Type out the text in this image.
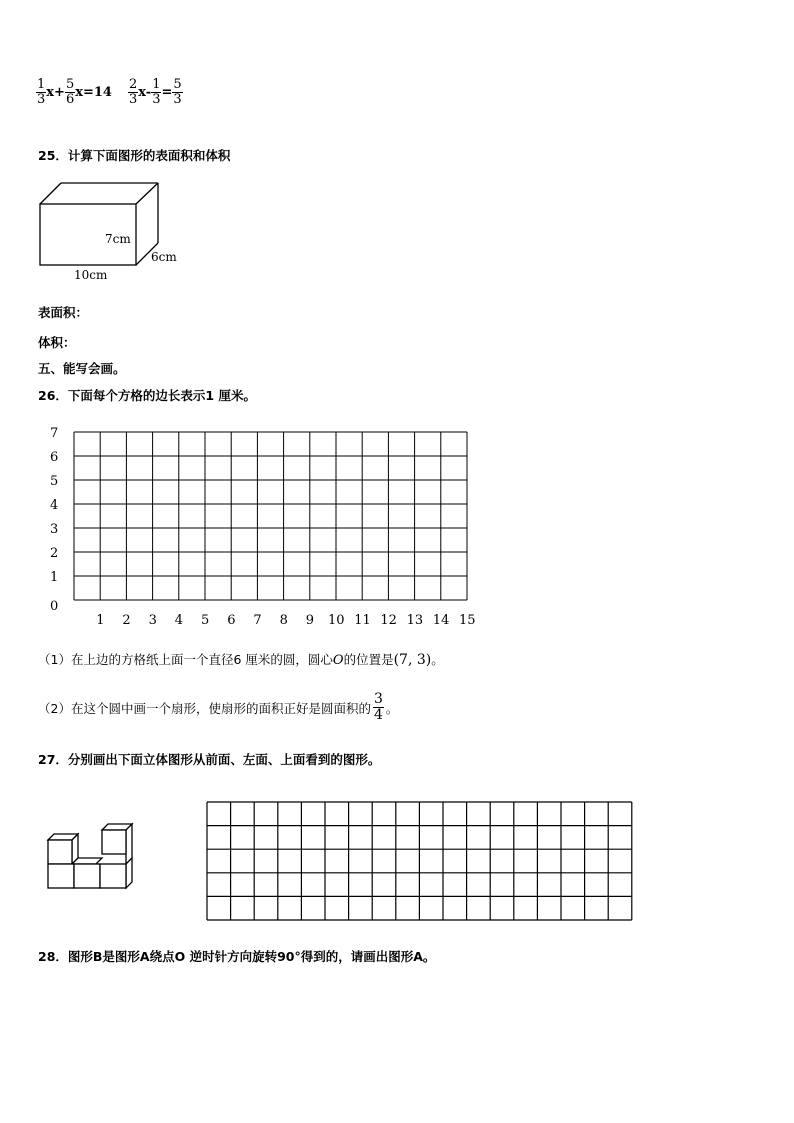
$\frac{1}{3} x+ \frac{5}{6} x=14 \frac{2}{3} x- \frac{1}{3} = \frac{5}{3}$
25．计算下面图形的表面积和体积
7cm
6cm
10cm
表面积：
体积：
五、能写会画。
26．下面每个方格的边长表示1 厘米。
0
1
2
3
4
5
6
7
1 2 3 4 5 6 7 8 9 10 11 12 13 14 15
（1）在上边的方格纸上面一个直径6 厘米的圆，圆心O的位置是(7, 3)。
（2）在这个圆中画一个扇形，使扇形的面积正好是圆面积的 $\frac{3}{4}$ 。
27．分别画出下面立体图形从前面、左面、上面看到的图形。
28．图形B是图形A绕点O 逆时针方向旋转90°得到的，请画出图形A。
